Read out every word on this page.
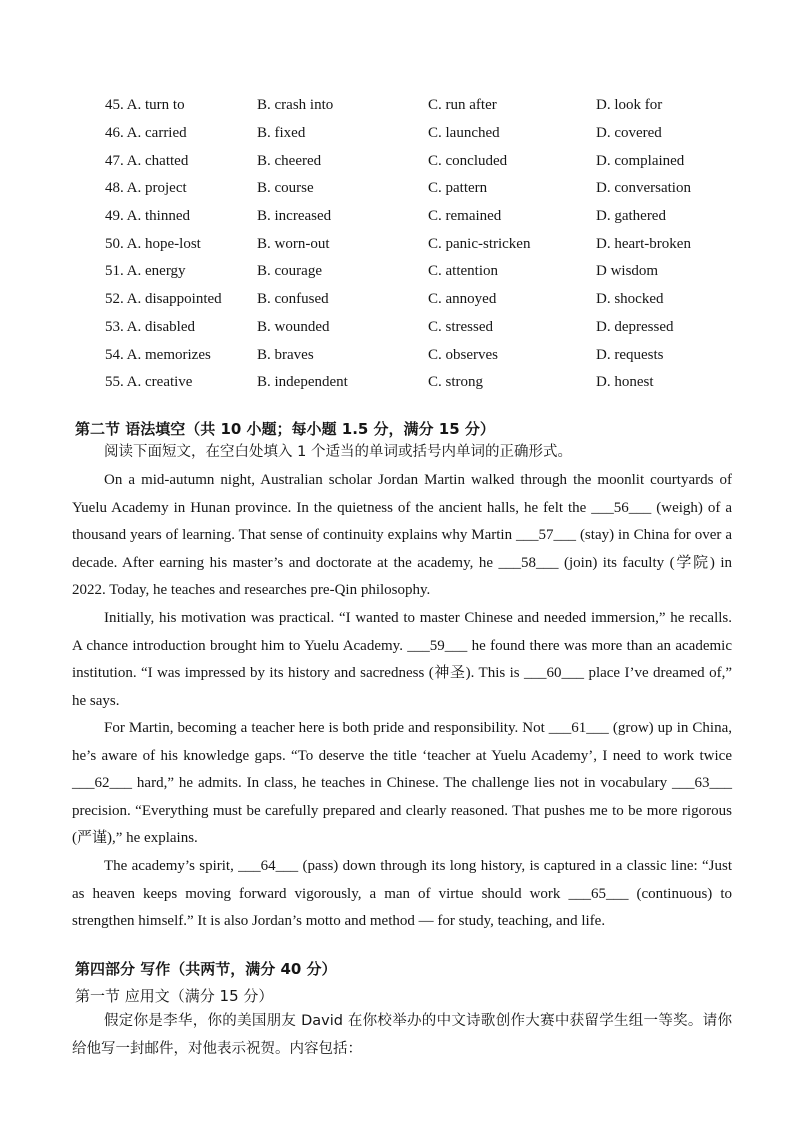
45. A. turn to	B. crash into	C. run after	D. look for
46. A. carried	B. fixed	C. launched	D. covered
47. A. chatted	B. cheered	C. concluded	D. complained
48. A. project	B. course	C. pattern	D. conversation
49. A. thinned	B. increased	C. remained	D. gathered
50. A. hope-lost	B. worn-out	C. panic-stricken	D. heart-broken
51. A. energy	B. courage	C. attention	D wisdom
52. A. disappointed	B. confused	C. annoyed	D. shocked
53. A. disabled	B. wounded	C. stressed	D. depressed
54. A. memorizes	B. braves	C. observes	D. requests
55. A. creative	B. independent	C. strong	D. honest
第二节 语法填空（共 10 小题；每小题 1.5 分，满分 15 分）

阅读下面短文，在空白处填入 1 个适当的单词或括号内单词的正确形式。

On a mid-autumn night, Australian scholar Jordan Martin walked through the moonlit courtyards of Yuelu Academy in Hunan province. In the quietness of the ancient halls, he felt the ___56___ (weigh) of a thousand years of learning. That sense of continuity explains why Martin ___57___ (stay) in China for over a decade. After earning his master’s and doctorate at the academy, he ___58___ (join) its faculty (学院) in 2022. Today, he teaches and researches pre-Qin philosophy.

Initially, his motivation was practical. “I wanted to master Chinese and needed immersion,” he recalls. A chance introduction brought him to Yuelu Academy. ___59___ he found there was more than an academic institution. “I was impressed by its history and sacredness (神圣). This is ___60___ place I’ve dreamed of,” he says.

For Martin, becoming a teacher here is both pride and responsibility. Not ___61___ (grow) up in China, he’s aware of his knowledge gaps. “To deserve the title ‘teacher at Yuelu Academy’, I need to work twice ___62___ hard,” he admits. In class, he teaches in Chinese. The challenge lies not in vocabulary ___63___ precision. “Everything must be carefully prepared and clearly reasoned. That pushes me to be more rigorous (严谨),” he explains.

The academy’s spirit, ___64___ (pass) down through its long history, is captured in a classic line: “Just as heaven keeps moving forward vigorously, a man of virtue should work ___65___ (continuous) to strengthen himself.” It is also Jordan’s motto and method — for study, teaching, and life.

第四部分 写作（共两节，满分 40 分）
第一节 应用文（满分 15 分）

假定你是李华，你的美国朋友 David 在你校举办的中文诗歌创作大赛中获留学生组一等奖。请你给他写一封邮件，对他表示祝贺。内容包括：
